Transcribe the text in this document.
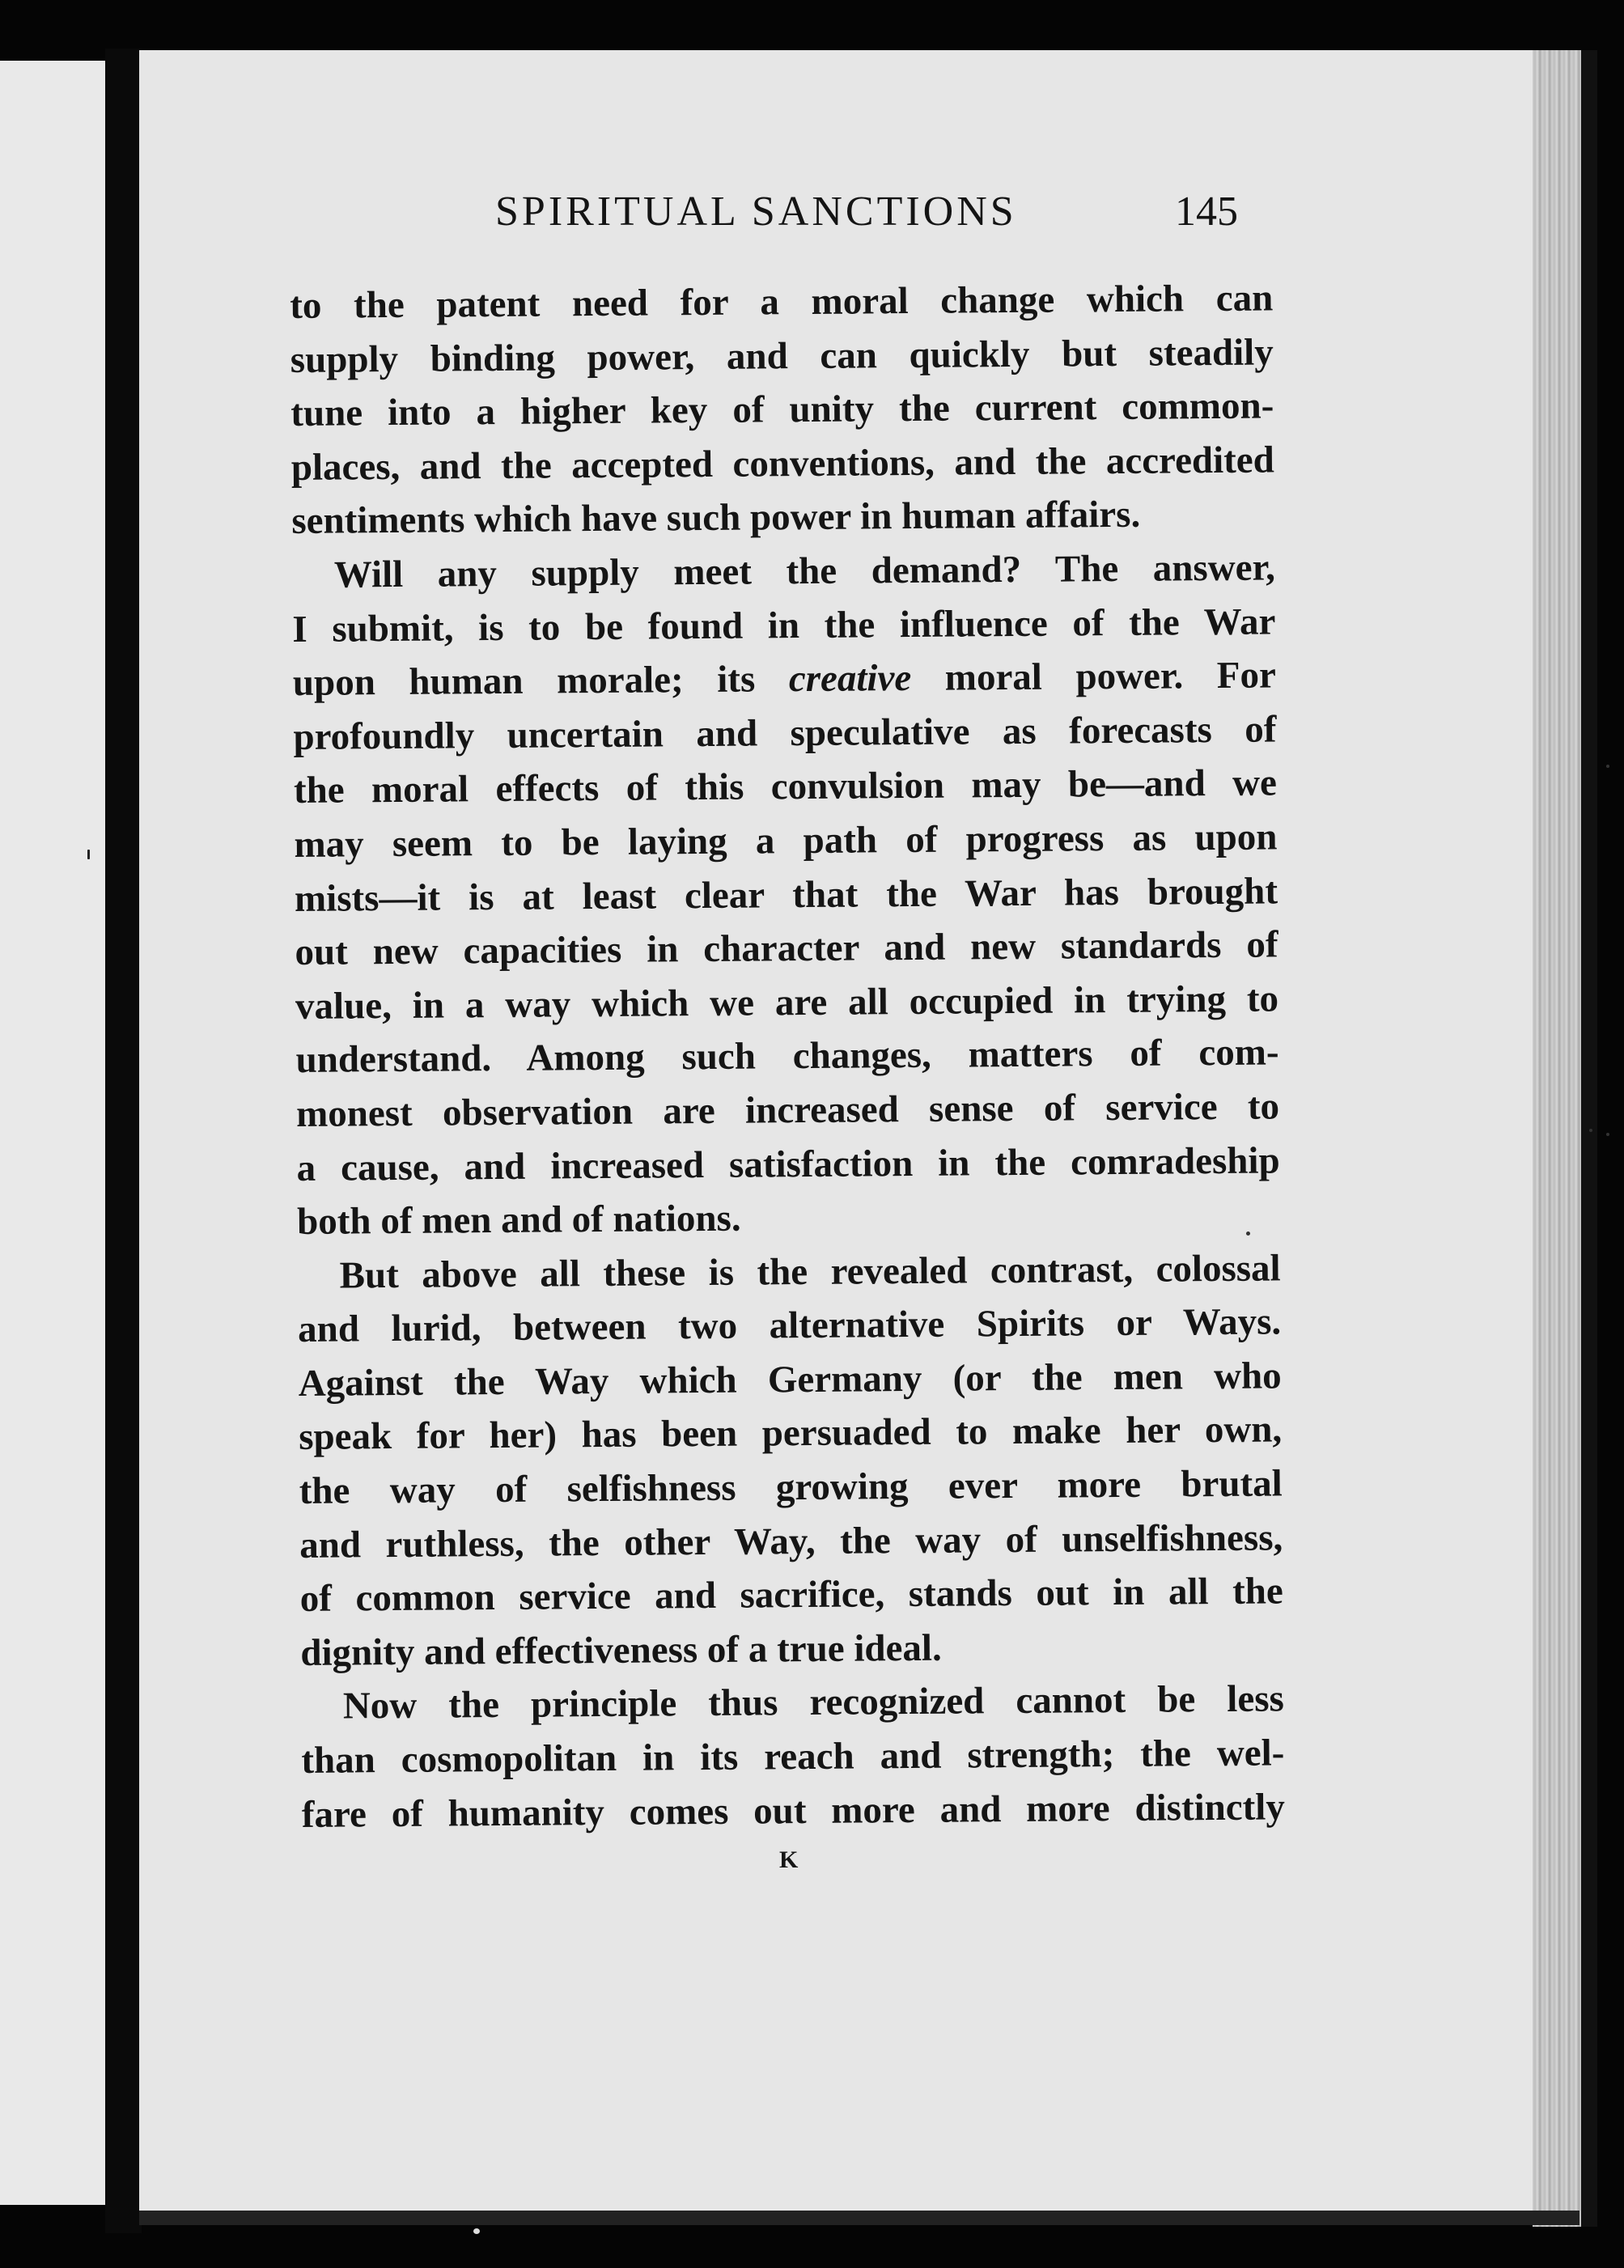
SPIRITUAL SANCTIONS	145
to the patent need for a moral change which can
supply binding power, and can quickly but steadily
tune into a higher key of unity the current common-
places, and the accepted conventions, and the accredited
sentiments which have such power in human affairs.
Will any supply meet the demand? The answer,
I submit, is to be found in the influence of the War
upon human morale; its creative moral power. For
profoundly uncertain and speculative as forecasts of
the moral effects of this convulsion may be—and we
may seem to be laying a path of progress as upon
mists—it is at least clear that the War has brought
out new capacities in character and new standards of
value, in a way which we are all occupied in trying to
understand. Among such changes, matters of com-
monest observation are increased sense of service to
a cause, and increased satisfaction in the comradeship
both of men and of nations.
But above all these is the revealed contrast, colossal
and lurid, between two alternative Spirits or Ways.
Against the Way which Germany (or the men who
speak for her) has been persuaded to make her own,
the way of selfishness growing ever more brutal
and ruthless, the other Way, the way of unselfishness,
of common service and sacrifice, stands out in all the
dignity and effectiveness of a true ideal.
Now the principle thus recognized cannot be less
than cosmopolitan in its reach and strength; the wel-
fare of humanity comes out more and more distinctly
K
